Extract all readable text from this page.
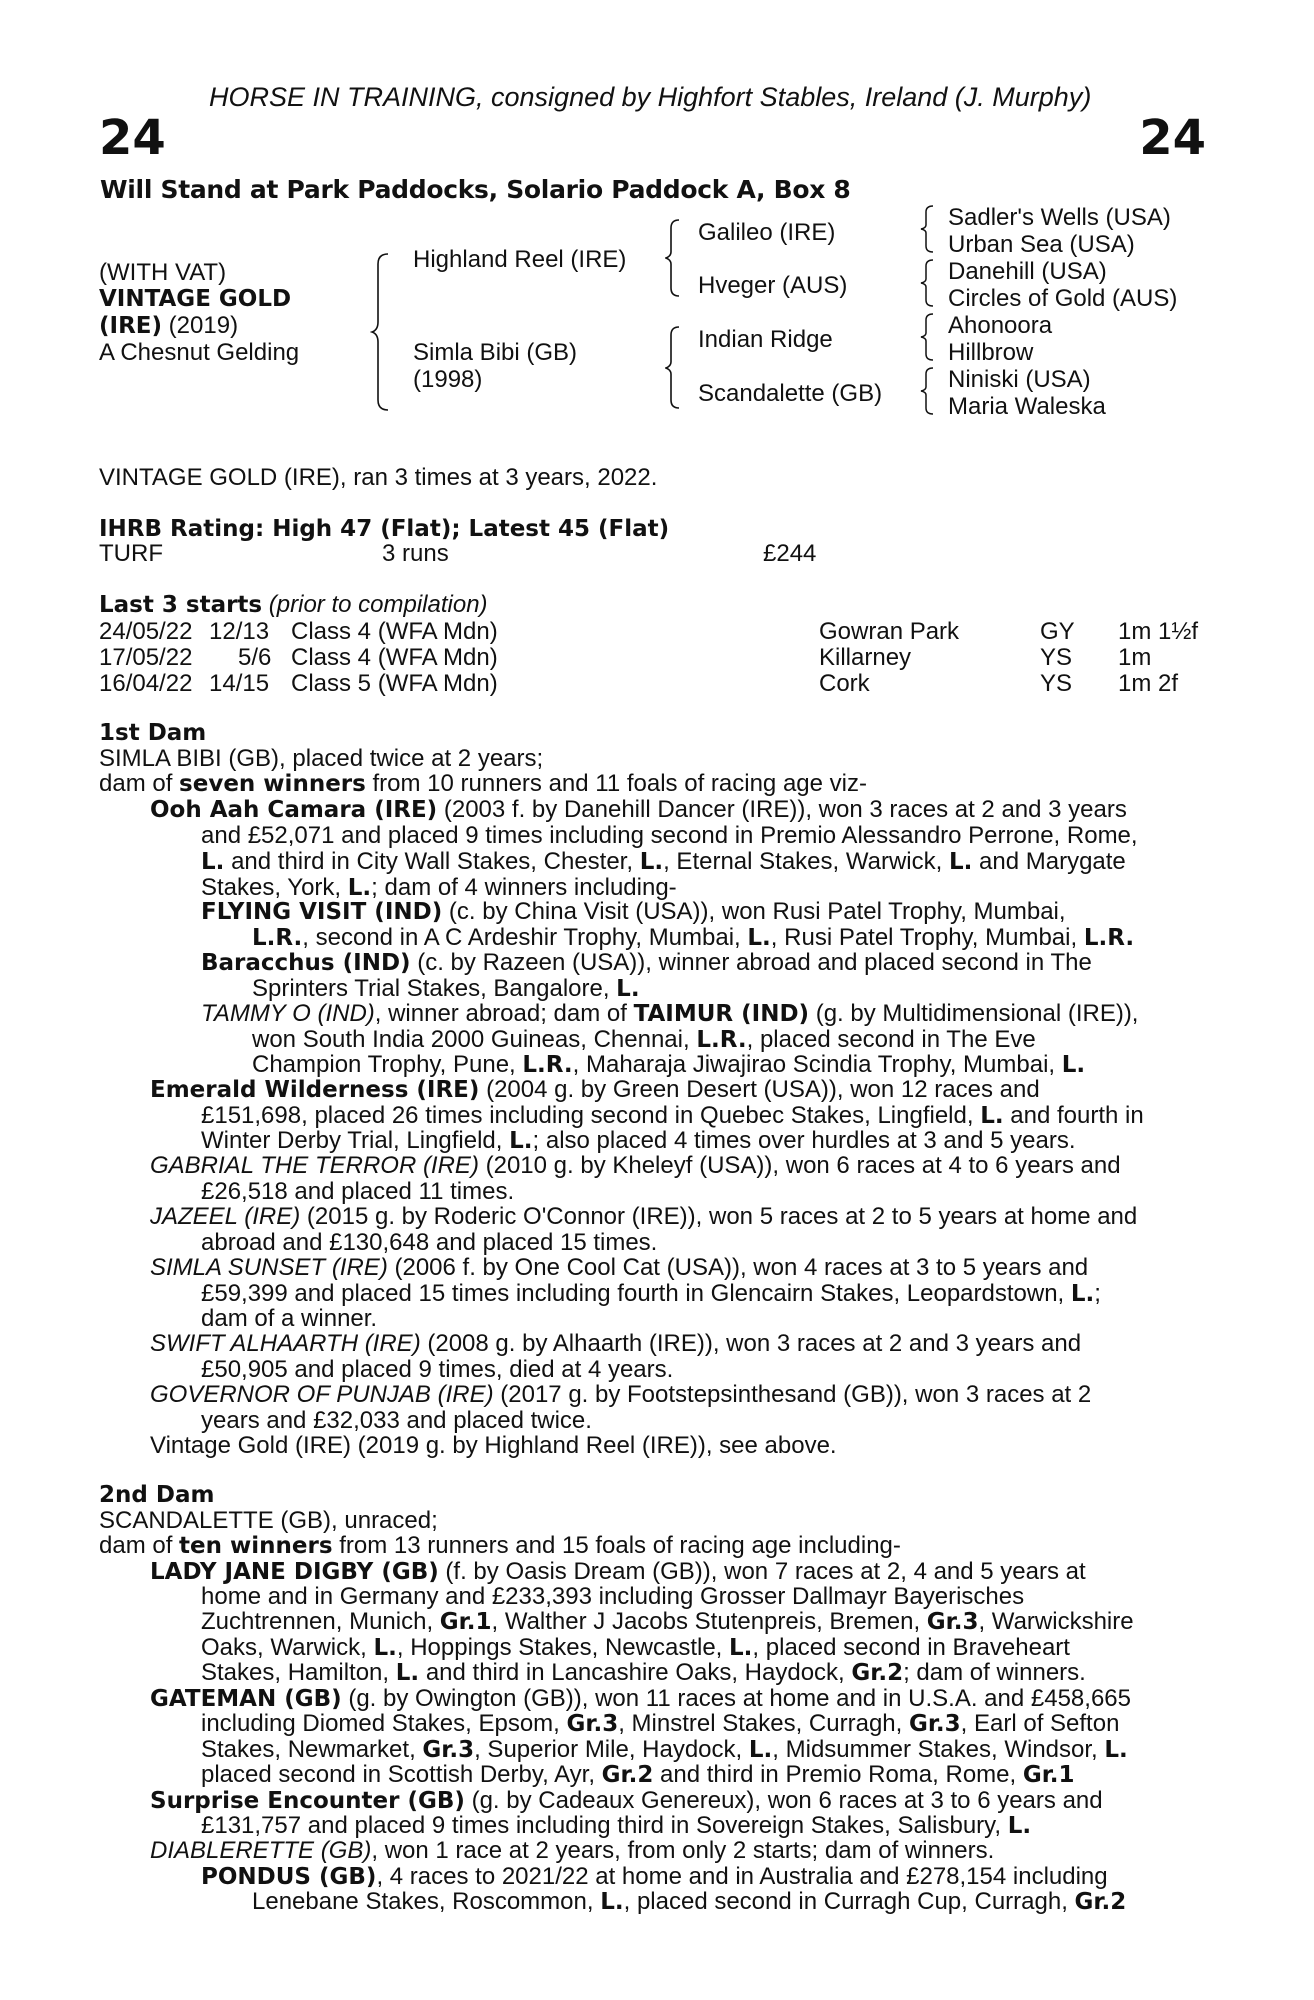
HORSE IN TRAINING, consigned by Highfort Stables, Ireland (J. Murphy)
24	24
Will Stand at Park Paddocks, Solario Paddock A, Box 8
(WITH VAT)
VINTAGE GOLD
(IRE) (2019)
A Chesnut Gelding
Highland Reel (IRE)
Simla Bibi (GB)
(1998)
Galileo (IRE)
Hveger (AUS)
Indian Ridge
Scandalette (GB)
Sadler's Wells (USA)
Urban Sea (USA)
Danehill (USA)
Circles of Gold (AUS)
Ahonoora
Hillbrow
Niniski (USA)
Maria Waleska
VINTAGE GOLD (IRE), ran 3 times at 3 years, 2022.
IHRB Rating: High 47 (Flat); Latest 45 (Flat)
TURF	3 runs	£244
Last 3 starts (prior to compilation)
24/05/22 12/13 Class 4 (WFA Mdn)	Gowran Park	GY 1m 1½f
17/05/22 5/6 Class 4 (WFA Mdn)	Killarney	YS 1m
16/04/22 14/15 Class 5 (WFA Mdn)	Cork	YS 1m 2f
1st Dam
SIMLA BIBI (GB), placed twice at 2 years;
dam of seven winners from 10 runners and 11 foals of racing age viz-
Ooh Aah Camara (IRE) (2003 f. by Danehill Dancer (IRE)), won 3 races at 2 and 3 years
and £52,071 and placed 9 times including second in Premio Alessandro Perrone, Rome,
L. and third in City Wall Stakes, Chester, L., Eternal Stakes, Warwick, L. and Marygate
Stakes, York, L.; dam of 4 winners including-
FLYING VISIT (IND) (c. by China Visit (USA)), won Rusi Patel Trophy, Mumbai,
L.R., second in A C Ardeshir Trophy, Mumbai, L., Rusi Patel Trophy, Mumbai, L.R.
Baracchus (IND) (c. by Razeen (USA)), winner abroad and placed second in The
Sprinters Trial Stakes, Bangalore, L.
TAMMY O (IND), winner abroad; dam of TAIMUR (IND) (g. by Multidimensional (IRE)),
won South India 2000 Guineas, Chennai, L.R., placed second in The Eve
Champion Trophy, Pune, L.R., Maharaja Jiwajirao Scindia Trophy, Mumbai, L.
Emerald Wilderness (IRE) (2004 g. by Green Desert (USA)), won 12 races and
£151,698, placed 26 times including second in Quebec Stakes, Lingfield, L. and fourth in
Winter Derby Trial, Lingfield, L.; also placed 4 times over hurdles at 3 and 5 years.
GABRIAL THE TERROR (IRE) (2010 g. by Kheleyf (USA)), won 6 races at 4 to 6 years and
£26,518 and placed 11 times.
JAZEEL (IRE) (2015 g. by Roderic O'Connor (IRE)), won 5 races at 2 to 5 years at home and
abroad and £130,648 and placed 15 times.
SIMLA SUNSET (IRE) (2006 f. by One Cool Cat (USA)), won 4 races at 3 to 5 years and
£59,399 and placed 15 times including fourth in Glencairn Stakes, Leopardstown, L.;
dam of a winner.
SWIFT ALHAARTH (IRE) (2008 g. by Alhaarth (IRE)), won 3 races at 2 and 3 years and
£50,905 and placed 9 times, died at 4 years.
GOVERNOR OF PUNJAB (IRE) (2017 g. by Footstepsinthesand (GB)), won 3 races at 2
years and £32,033 and placed twice.
Vintage Gold (IRE) (2019 g. by Highland Reel (IRE)), see above.
2nd Dam
SCANDALETTE (GB), unraced;
dam of ten winners from 13 runners and 15 foals of racing age including-
LADY JANE DIGBY (GB) (f. by Oasis Dream (GB)), won 7 races at 2, 4 and 5 years at
home and in Germany and £233,393 including Grosser Dallmayr Bayerisches
Zuchtrennen, Munich, Gr.1, Walther J Jacobs Stutenpreis, Bremen, Gr.3, Warwickshire
Oaks, Warwick, L., Hoppings Stakes, Newcastle, L., placed second in Braveheart
Stakes, Hamilton, L. and third in Lancashire Oaks, Haydock, Gr.2; dam of winners.
GATEMAN (GB) (g. by Owington (GB)), won 11 races at home and in U.S.A. and £458,665
including Diomed Stakes, Epsom, Gr.3, Minstrel Stakes, Curragh, Gr.3, Earl of Sefton
Stakes, Newmarket, Gr.3, Superior Mile, Haydock, L., Midsummer Stakes, Windsor, L.
placed second in Scottish Derby, Ayr, Gr.2 and third in Premio Roma, Rome, Gr.1
Surprise Encounter (GB) (g. by Cadeaux Genereux), won 6 races at 3 to 6 years and
£131,757 and placed 9 times including third in Sovereign Stakes, Salisbury, L.
DIABLERETTE (GB), won 1 race at 2 years, from only 2 starts; dam of winners.
PONDUS (GB), 4 races to 2021/22 at home and in Australia and £278,154 including
Lenebane Stakes, Roscommon, L., placed second in Curragh Cup, Curragh, Gr.2
